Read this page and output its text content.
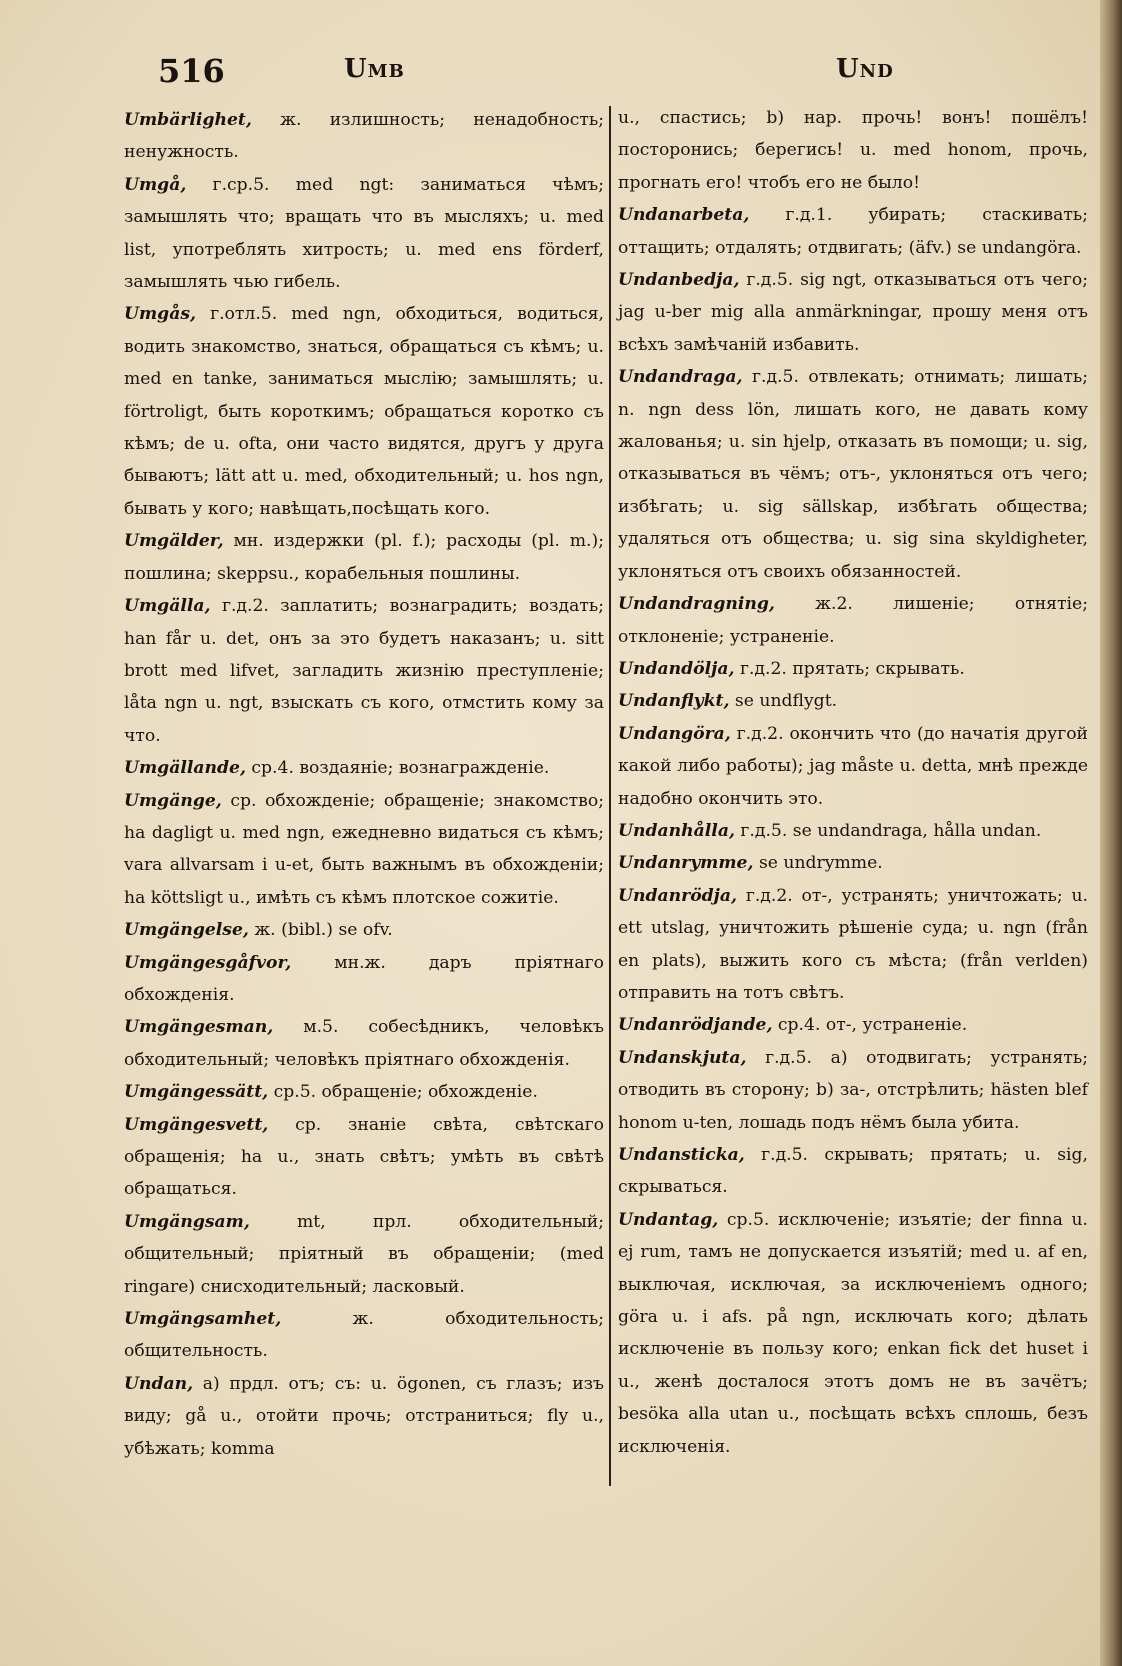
516	Umb	Und

Umbärlighet, ж. излишность; ненадобность; ненужность.

Umgå, г.ср.5. med ngt: заниматься чѣмъ; замышлять что; вращать что въ мысляхъ; u. med list, употреблять хитрость; u. med ens förderf, замышлять чью гибель.

Umgås, г.отл.5. med ngn, обходиться, водиться, водить знакомство, знаться, обращаться съ кѣмъ; u. med en tanke, заниматься мыслію; замышлять; u. förtroligt, быть короткимъ; обращаться коротко съ кѣмъ; de u. ofta, они часто видятся, другъ у друга бываютъ; lätt att u. med, обходительный; u. hos ngn, бывать у кого; навѣщать,посѣщать кого.

Umgälder, мн. издержки (pl. f.); расходы (pl. m.); пошлина; skeppsu., корабельныя пошлины.

Umgälla, г.д.2. заплатить; вознаградить; воздать; han får u. det, онъ за это будетъ наказанъ; u. sitt brott med lifvet, загладить жизнію преступленіе; låta ngn u. ngt, взыскать съ кого, отмстить кому за что.

Umgällande, ср.4. воздаяніе; вознагражденіе.

Umgänge, ср. обхожденіе; обращеніе; знакомство; ha dagligt u. med ngn, ежедневно видаться съ кѣмъ; vara allvarsam i u-et, быть важнымъ въ обхожденіи; ha köttsligt u., имѣть съ кѣмъ плотское сожитіе.

Umgängelse, ж. (bibl.) se ofv.

Umgängesgåfvor, мн.ж. даръ пріятнаго обхожденія.

Umgängesman, м.5. собесѣдникъ, человѣкъ обходительный; человѣкъ пріятнаго обхожденія.

Umgängessätt, ср.5. обращеніе; обхожденіе.

Umgängesvett, ср. знаніе свѣта, свѣтскаго обращенія; ha u., знать свѣтъ; умѣть въ свѣтѣ обращаться.

Umgängsam, mt, прл. обходительный; общительный; пріятный въ обращеніи; (med ringare) снисходительный; ласковый.

Umgängsamhet, ж. обходительность; общительность.

Undan, а) прдл. отъ; съ: u. ögonen, съ глазъ; изъ виду; gå u., отойти прочь; отстраниться; fly u., убѣжать; komma

u., спастись; b) нар. прочь! вонъ! пошёлъ! посторонись; берегись! u. med honom, прочь, прогнать его! чтобъ его не было!

Undanarbeta, г.д.1. убирать; стаскивать; оттащить; отдалять; отдвигать; (äfv.) se undangöra.

Undanbedja, г.д.5. sig ngt, отказываться отъ чего; jag u-ber mig alla anmärkningar, прошу меня отъ всѣхъ замѣчаній избавить.

Undandraga, г.д.5. отвлекать; отнимать; лишать; n. ngn dess lön, лишать кого, не давать кому жалованья; u. sin hjelp, отказать въ помощи; u. sig, отказываться въ чёмъ; отъ-, уклоняться отъ чего; избѣгать; u. sig sällskap, избѣгать общества; удаляться отъ общества; u. sig sina skyldigheter, уклоняться отъ своихъ обязанностей.

Undandragning, ж.2. лишеніе; отнятіе; отклоненіе; устраненіе.

Undandölja, г.д.2. прятать; скрывать.

Undanflykt, se undflygt.

Undangöra, г.д.2. окончить что (до начатія другой какой либо работы); jag måste u. detta, мнѣ прежде надобно окончить это.

Undanhålla, г.д.5. se undandraga, hålla undan.

Undanrymme, se undrymme.

Undanrödja, г.д.2. от-, устранять; уничтожать; u. ett utslag, уничтожить рѣшеніе суда; u. ngn (från en plats), выжить кого съ мѣста; (från verlden) отправить на тотъ свѣтъ.

Undanrödjande, ср.4. от-, устраненіе.

Undanskjuta, г.д.5. а) отодвигать; устранять; отводить въ сторону; b) за-, отстрѣлить; hästen blef honom u-ten, лошадь подъ нёмъ была убита.

Undansticka, г.д.5. скрывать; прятать; u. sig, скрываться.

Undantag, ср.5. исключеніе; изъятіе; der finna u. ej rum, тамъ не допускается изъятій; med u. af en, выключая, исключая, за исключеніемъ одного; göra u. i afs. på ngn, исключать кого; дѣлать исключеніе въ пользу кого; enkan fick det huset i u., женѣ досталося этотъ домъ не въ зачётъ; besöka alla utan u., посѣщать всѣхъ сплошь, безъ исключенія.
